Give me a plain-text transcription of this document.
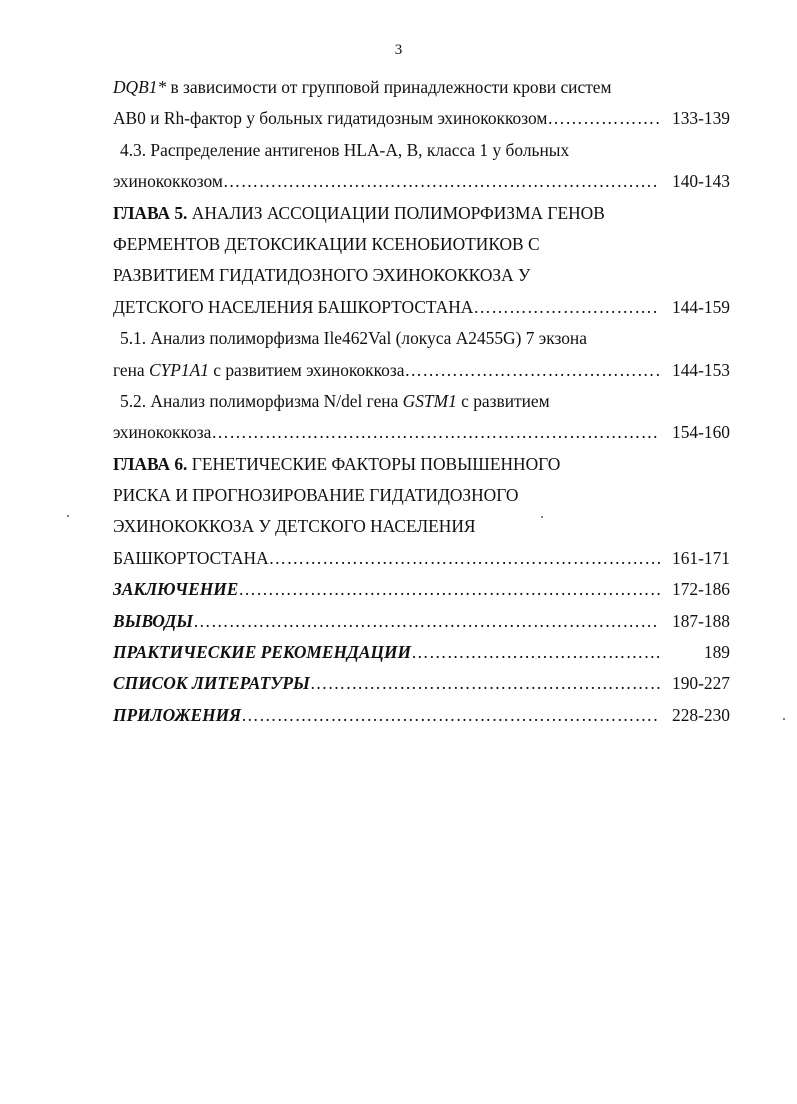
3
DQB1* в зависимости от групповой принадлежности крови систем
AB0 и Rh-фактор у больных гидатидозным эхинококкозом ……………………………………………………………………………………………………………………………………………………………	133-139
4.3. Распределение антигенов HLA-A, B, класса 1 у больных
эхинококкозом ……………………………………………………………………………………………………………………………………………………………	140-143
ГЛАВА 5. АНАЛИЗ АССОЦИАЦИИ ПОЛИМОРФИЗМА ГЕНОВ
ФЕРМЕНТОВ ДЕТОКСИКАЦИИ КСЕНОБИОТИКОВ С
РАЗВИТИЕМ ГИДАТИДОЗНОГО ЭХИНОКОККОЗА У
ДЕТСКОГО НАСЕЛЕНИЯ БАШКОРТОСТАНА ……………………………………………………………………………………………………………………………………………………………	144-159
5.1. Анализ полиморфизма Ile462Val (локуса A2455G) 7 экзона
гена CYP1A1 с развитием эхинококкоза ……………………………………………………………………………………………………………………………………………………………	144-153
5.2. Анализ полиморфизма N/del гена GSTM1 с развитием
эхинококкоза ……………………………………………………………………………………………………………………………………………………………	154-160
ГЛАВА 6. ГЕНЕТИЧЕСКИЕ ФАКТОРЫ ПОВЫШЕННОГО
РИСКА И ПРОГНОЗИРОВАНИЕ ГИДАТИДОЗНОГО
ЭХИНОКОККОЗА У ДЕТСКОГО НАСЕЛЕНИЯ
БАШКОРТОСТАНА ……………………………………………………………………………………………………………………………………………………………	161-171
ЗАКЛЮЧЕНИЕ ……………………………………………………………………………………………………………………………………………………………	172-186
ВЫВОДЫ ……………………………………………………………………………………………………………………………………………………………	187-188
ПРАКТИЧЕСКИЕ РЕКОМЕНДАЦИИ ……………………………………………………………………………………………………………………………………………………………	189
СПИСОК ЛИТЕРАТУРЫ ……………………………………………………………………………………………………………………………………………………………	190-227
ПРИЛОЖЕНИЯ ……………………………………………………………………………………………………………………………………………………………	228-230
